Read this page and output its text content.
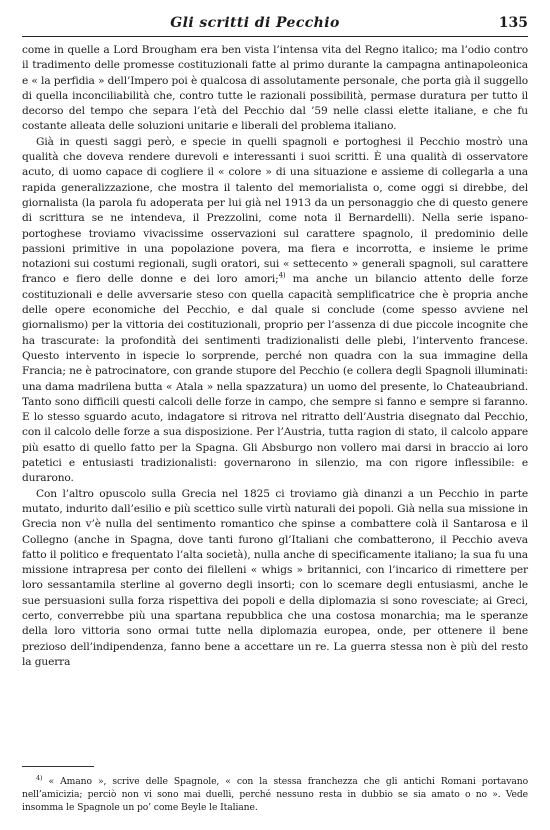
Gli scritti di Pecchio	135

come in quelle a Lord Brougham era ben vista l’intensa vita del Regno italico; ma l’odio contro il tradimento delle promesse costituzionali fatte al primo durante la campagna antinapoleonica e « la perfidia » dell’Impero poi è qualcosa di assolutamente personale, che porta già il suggello di quella inconciliabilità che, contro tutte le razionali possibilità, permase duratura per tutto il decorso del tempo che separa l’età del Pecchio dal ’59 nelle classi elette italiane, e che fu costante alleata delle soluzioni unitarie e liberali del problema italiano.

Già in questi saggi però, e specie in quelli spagnoli e portoghesi il Pecchio mostrò una qualità che doveva rendere durevoli e interessanti i suoi scritti. È una qualità di osservatore acuto, di uomo capace di cogliere il « colore » di una situazione e assieme di collegarla a una rapida generalizzazione, che mostra il talento del memorialista o, come oggi si direbbe, del giornalista (la parola fu adoperata per lui già nel 1913 da un personaggio che di questo genere di scrittura se ne intendeva, il Prezzolini, come nota il Bernardelli). Nella serie ispano-portoghese troviamo vivacissime osservazioni sul carattere spagnolo, il predominio delle passioni primitive in una popolazione povera, ma fiera e incorrotta, e insieme le prime notazioni sui costumi regionali, sugli oratori, sui « settecento » generali spagnoli, sul carattere franco e fiero delle donne e dei loro amori;$^{4)}$ ma anche un bilancio attento delle forze costituzionali e delle avversarie steso con quella capacità semplificatrice che è propria anche delle opere economiche del Pecchio, e dal quale si conclude (come spesso avviene nel giornalismo) per la vittoria dei costituzionali, proprio per l’assenza di due piccole incognite che ha trascurate: la profondità dei sentimenti tradizionalisti delle plebi, l’intervento francese. Questo intervento in ispecie lo sorprende, perché non quadra con la sua immagine della Francia; ne è patrocinatore, con grande stupore del Pecchio (e collera degli Spagnoli illuminati: una dama madrilena butta « Atala » nella spazzatura) un uomo del presente, lo Chateaubriand. Tanto sono difficili questi calcoli delle forze in campo, che sempre si fanno e sempre si faranno. E lo stesso sguardo acuto, indagatore si ritrova nel ritratto dell’Austria disegnato dal Pecchio, con il calcolo delle forze a sua disposizione. Per l’Austria, tutta ragion di stato, il calcolo appare più esatto di quello fatto per la Spagna. Gli Absburgo non vollero mai darsi in braccio ai loro patetici e entusiasti tradizionalisti: governarono in silenzio, ma con rigore inflessibile: e durarono.

Con l’altro opuscolo sulla Grecia nel 1825 ci troviamo già dinanzi a un Pecchio in parte mutato, indurito dall’esilio e più scettico sulle virtù naturali dei popoli. Già nella sua missione in Grecia non v’è nulla del sentimento romantico che spinse a combattere colà il Santarosa e il Collegno (anche in Spagna, dove tanti furono gl’Italiani che combatterono, il Pecchio aveva fatto il politico e frequentato l’alta società), nulla anche di specificamente italiano; la sua fu una missione intrapresa per conto dei filelleni « whigs » britannici, con l’incarico di rimettere per loro sessantamila sterline al governo degli insorti; con lo scemare degli entusiasmi, anche le sue persuasioni sulla forza rispettiva dei popoli e della diplomazia si sono rovesciate; ai Greci, certo, converrebbe più una spartana repubblica che una costosa monarchia; ma le speranze della loro vittoria sono ormai tutte nella diplomazia europea, onde, per ottenere il bene prezioso dell’indipendenza, fanno bene a accettare un re. La guerra stessa non è più del resto la guerra

$^{4)}$ « Amano », scrive delle Spagnole, « con la stessa franchezza che gli antichi Romani portavano nell’amicizia; perciò non vi sono mai duelli, perché nessuno resta in dubbio se sia amato o no ». Vede insomma le Spagnole un po’ come Beyle le Italiane.
